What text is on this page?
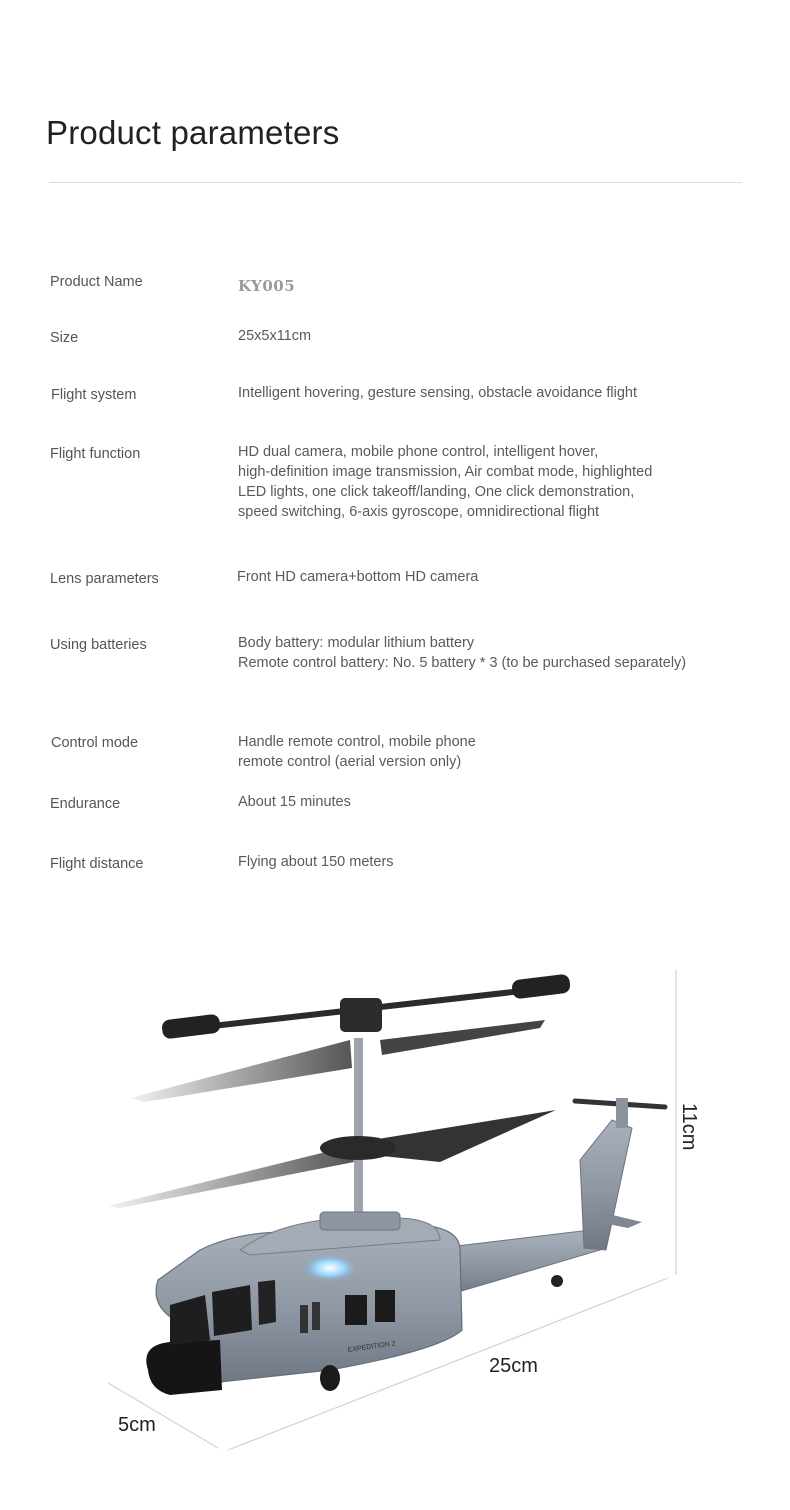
Product parameters
Product Name	KY005
Size	25x5x11cm
Flight system	Intelligent hovering, gesture sensing, obstacle avoidance flight
Flight function	HD dual camera, mobile phone control, intelligent hover,
high-definition image transmission, Air combat mode, highlighted
LED lights, one click takeoff/landing, One click demonstration,
speed switching, 6-axis gyroscope, omnidirectional flight
Lens parameters	Front HD camera+bottom HD camera
Using batteries	Body battery: modular lithium battery
Remote control battery: No. 5 battery * 3 (to be purchased separately)
Control mode	Handle remote control, mobile phone
remote control (aerial version only)
Endurance	About 15 minutes
Flight distance	Flying about 150 meters
EXPEDITION 2
11cm
25cm
5cm
